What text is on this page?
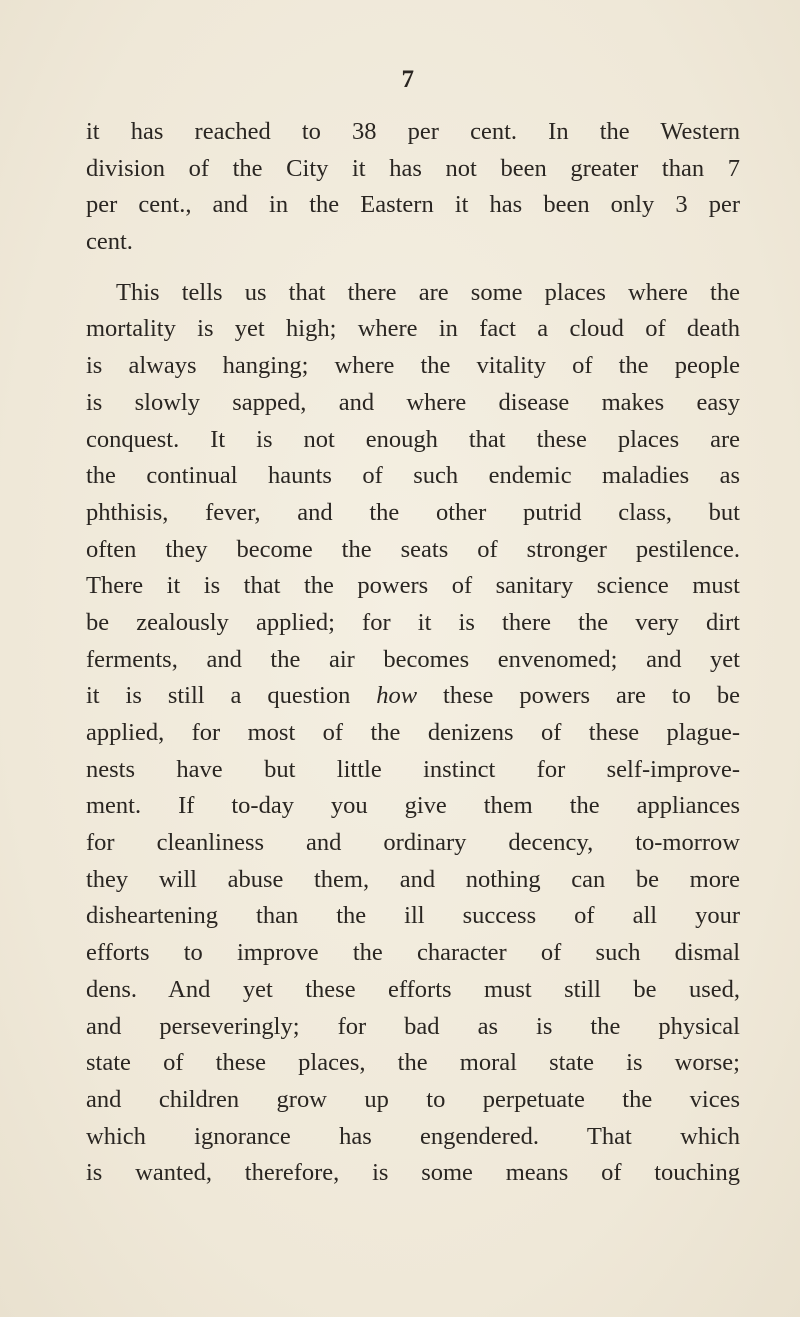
7
it has reached to 38 per cent. In the Western
division of the City it has not been greater than 7
per cent., and in the Eastern it has been only 3 per
cent.
This tells us that there are some places where the
mortality is yet high; where in fact a cloud of death
is always hanging; where the vitality of the people
is slowly sapped, and where disease makes easy
conquest. It is not enough that these places are
the continual haunts of such endemic maladies as
phthisis, fever, and the other putrid class, but
often they become the seats of stronger pestilence.
There it is that the powers of sanitary science must
be zealously applied; for it is there the very dirt
ferments, and the air becomes envenomed; and yet
it is still a question how these powers are to be
applied, for most of the denizens of these plague-
nests have but little instinct for self-improve-
ment. If to-day you give them the appliances
for cleanliness and ordinary decency, to-morrow
they will abuse them, and nothing can be more
disheartening than the ill success of all your
efforts to improve the character of such dismal
dens. And yet these efforts must still be used,
and perseveringly; for bad as is the physical
state of these places, the moral state is worse;
and children grow up to perpetuate the vices
which ignorance has engendered. That which
is wanted, therefore, is some means of touching
